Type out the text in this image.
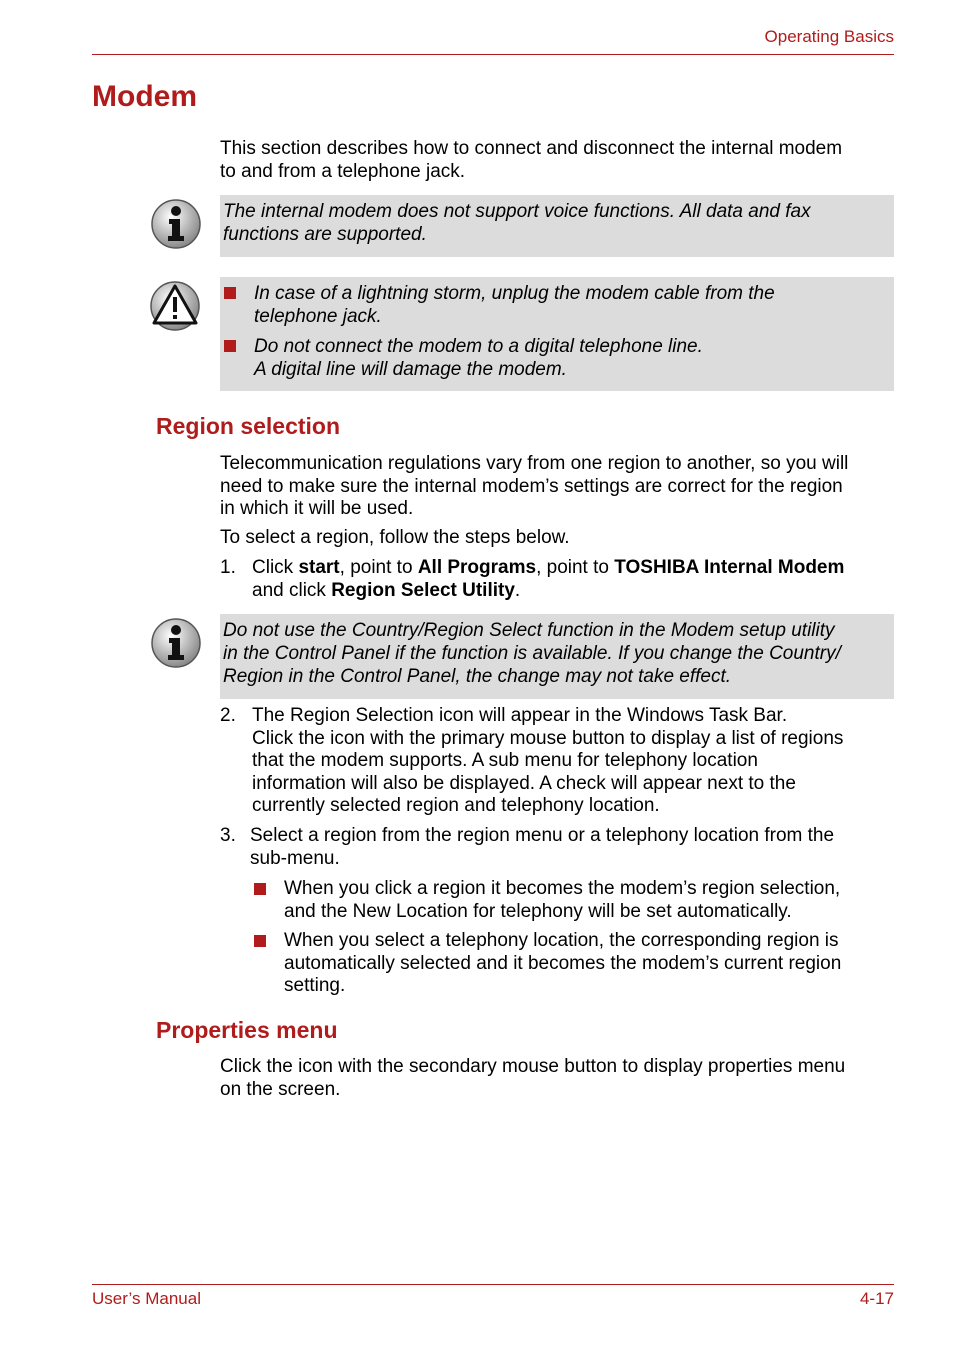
Operating Basics
Modem
This section describes how to connect and disconnect the internal modem
to and from a telephone jack.
The internal modem does not support voice functions. All data and fax
functions are supported.
In case of a lightning storm, unplug the modem cable from the
telephone jack.
Do not connect the modem to a digital telephone line.
A digital line will damage the modem.
Region selection
Telecommunication regulations vary from one region to another, so you will
need to make sure the internal modem’s settings are correct for the region
in which it will be used.
To select a region, follow the steps below.
1. Click start, point to All Programs, point to TOSHIBA Internal Modem
and click Region Select Utility.
Do not use the Country/Region Select function in the Modem setup utility
in the Control Panel if the function is available. If you change the Country/
Region in the Control Panel, the change may not take effect.
2. The Region Selection icon will appear in the Windows Task Bar.
Click the icon with the primary mouse button to display a list of regions
that the modem supports. A sub menu for telephony location
information will also be displayed. A check will appear next to the
currently selected region and telephony location.
3. Select a region from the region menu or a telephony location from the
sub-menu.
When you click a region it becomes the modem’s region selection,
and the New Location for telephony will be set automatically.
When you select a telephony location, the corresponding region is
automatically selected and it becomes the modem’s current region
setting.
Properties menu
Click the icon with the secondary mouse button to display properties menu
on the screen.
User’s Manual	4-17
